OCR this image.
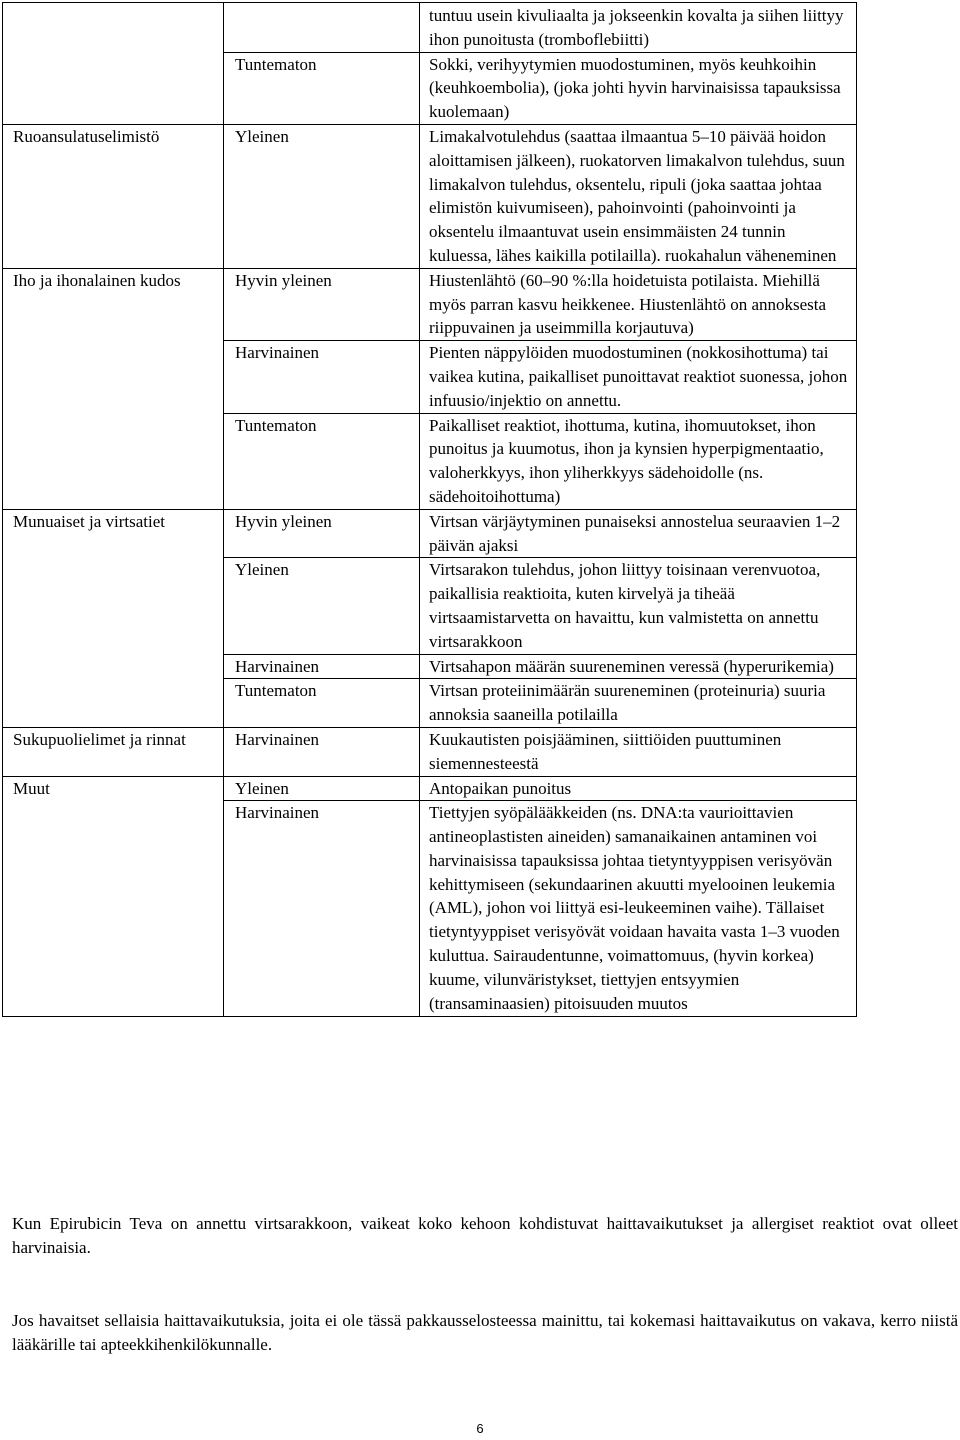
		tuntuu usein kivuliaalta ja jokseenkin kovalta ja siihen liittyy ihon punoitusta (tromboflebiitti)
	Tuntematon	Sokki, verihyytymien muodostuminen, myös keuhkoihin (keuhkoembolia), (joka johti hyvin harvinaisissa tapauksissa kuolemaan)
Ruoansulatuselimistö	Yleinen	Limakalvotulehdus (saattaa ilmaantua 5–10 päivää hoidon aloittamisen jälkeen), ruokatorven limakalvon tulehdus, suun limakalvon tulehdus, oksentelu, ripuli (joka saattaa johtaa elimistön kuivumiseen), pahoinvointi (pahoinvointi ja oksentelu ilmaantuvat usein ensimmäisten 24 tunnin kuluessa, lähes kaikilla potilailla). ruokahalun väheneminen
Iho ja ihonalainen kudos	Hyvin yleinen	Hiustenlähtö (60–90 %:lla hoidetuista potilaista. Miehillä myös parran kasvu heikkenee. Hiustenlähtö on annoksesta riippuvainen ja useimmilla korjautuva)
	Harvinainen	Pienten näppylöiden muodostuminen (nokkosihottuma) tai vaikea kutina, paikalliset punoittavat reaktiot suonessa, johon infuusio/injektio on annettu.
	Tuntematon	Paikalliset reaktiot, ihottuma, kutina, ihomuutokset, ihon punoitus ja kuumotus, ihon ja kynsien hyperpigmentaatio, valoherkkyys, ihon yliherkkyys sädehoidolle (ns. sädehoitoihottuma)
Munuaiset ja virtsatiet	Hyvin yleinen	Virtsan värjäytyminen punaiseksi annostelua seuraavien 1–2 päivän ajaksi
	Yleinen	Virtsarakon tulehdus, johon liittyy toisinaan verenvuotoa, paikallisia reaktioita, kuten kirvelyä ja tiheää virtsaamistarvetta on havaittu, kun valmistetta on annettu virtsarakkoon
	Harvinainen	Virtsahapon määrän suureneminen veressä (hyperurikemia)
	Tuntematon	Virtsan proteiinimäärän suureneminen (proteinuria) suuria annoksia saaneilla potilailla
Sukupuolielimet ja rinnat	Harvinainen	Kuukautisten poisjääminen, siittiöiden puuttuminen siemennesteestä
Muut	Yleinen	Antopaikan punoitus
	Harvinainen	Tiettyjen syöpälääkkeiden (ns. DNA:ta vaurioittavien antineoplastisten aineiden) samanaikainen antaminen voi harvinaisissa tapauksissa johtaa tietyntyyppisen verisyövän kehittymiseen (sekundaarinen akuutti myelooinen leukemia (AML), johon voi liittyä esi-leukeeminen vaihe). Tällaiset tietyntyyppiset verisyövät voidaan havaita vasta 1–3 vuoden kuluttua. Sairaudentunne, voimattomuus, (hyvin korkea) kuume, vilunväristykset, tiettyjen entsyymien (transaminaasien) pitoisuuden muutos

Kun Epirubicin Teva on annettu virtsarakkoon, vaikeat koko kehoon kohdistuvat haittavaikutukset ja allergiset reaktiot ovat olleet harvinaisia.

Jos havaitset sellaisia haittavaikutuksia, joita ei ole tässä pakkausselosteessa mainittu, tai kokemasi haittavaikutus on vakava, kerro niistä lääkärille tai apteekkihenkilökunnalle.

6
